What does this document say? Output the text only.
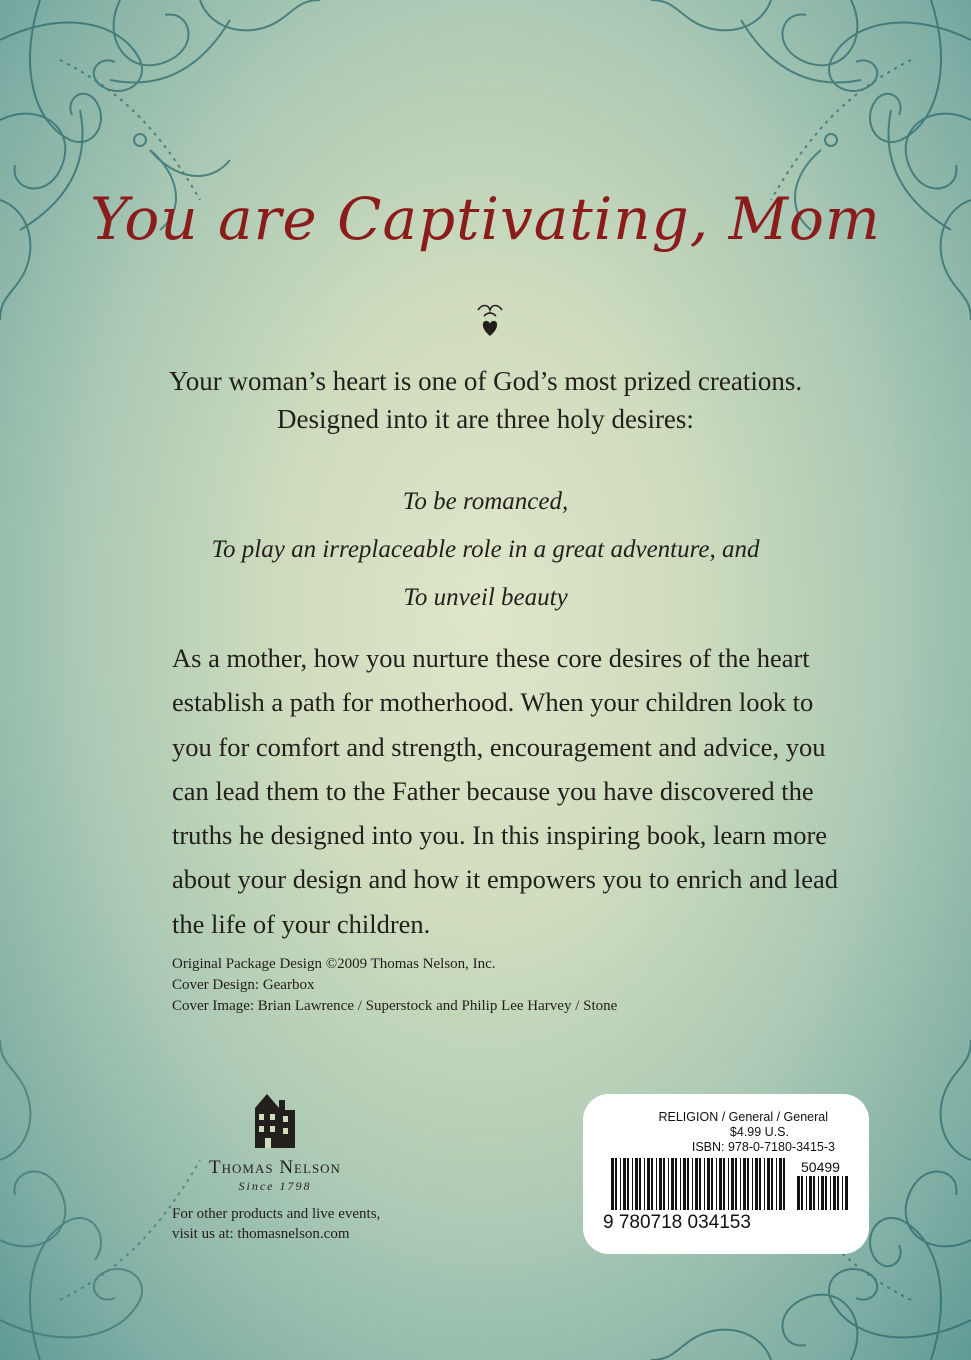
You are Captivating, Mom
Your woman’s heart is one of God’s most prized creations.
Designed into it are three holy desires:
To be romanced,
To play an irreplaceable role in a great adventure, and
To unveil beauty
As a mother, how you nurture these core desires of the heart
establish a path for motherhood. When your children look to
you for comfort and strength, encouragement and advice, you
can lead them to the Father because you have discovered the
truths he designed into you. In this inspiring book, learn more
about your design and how it empowers you to enrich and lead
the life of your children.
Original Package Design ©2009 Thomas Nelson, Inc.
Cover Design: Gearbox
Cover Image: Brian Lawrence / Superstock and Philip Lee Harvey / Stone
Thomas Nelson
Since 1798
For other products and live events,
visit us at: thomasnelson.com
RELIGION / General / General
$4.99 U.S.
ISBN: 978-0-7180-3415-3
50499
9 780718 034153
